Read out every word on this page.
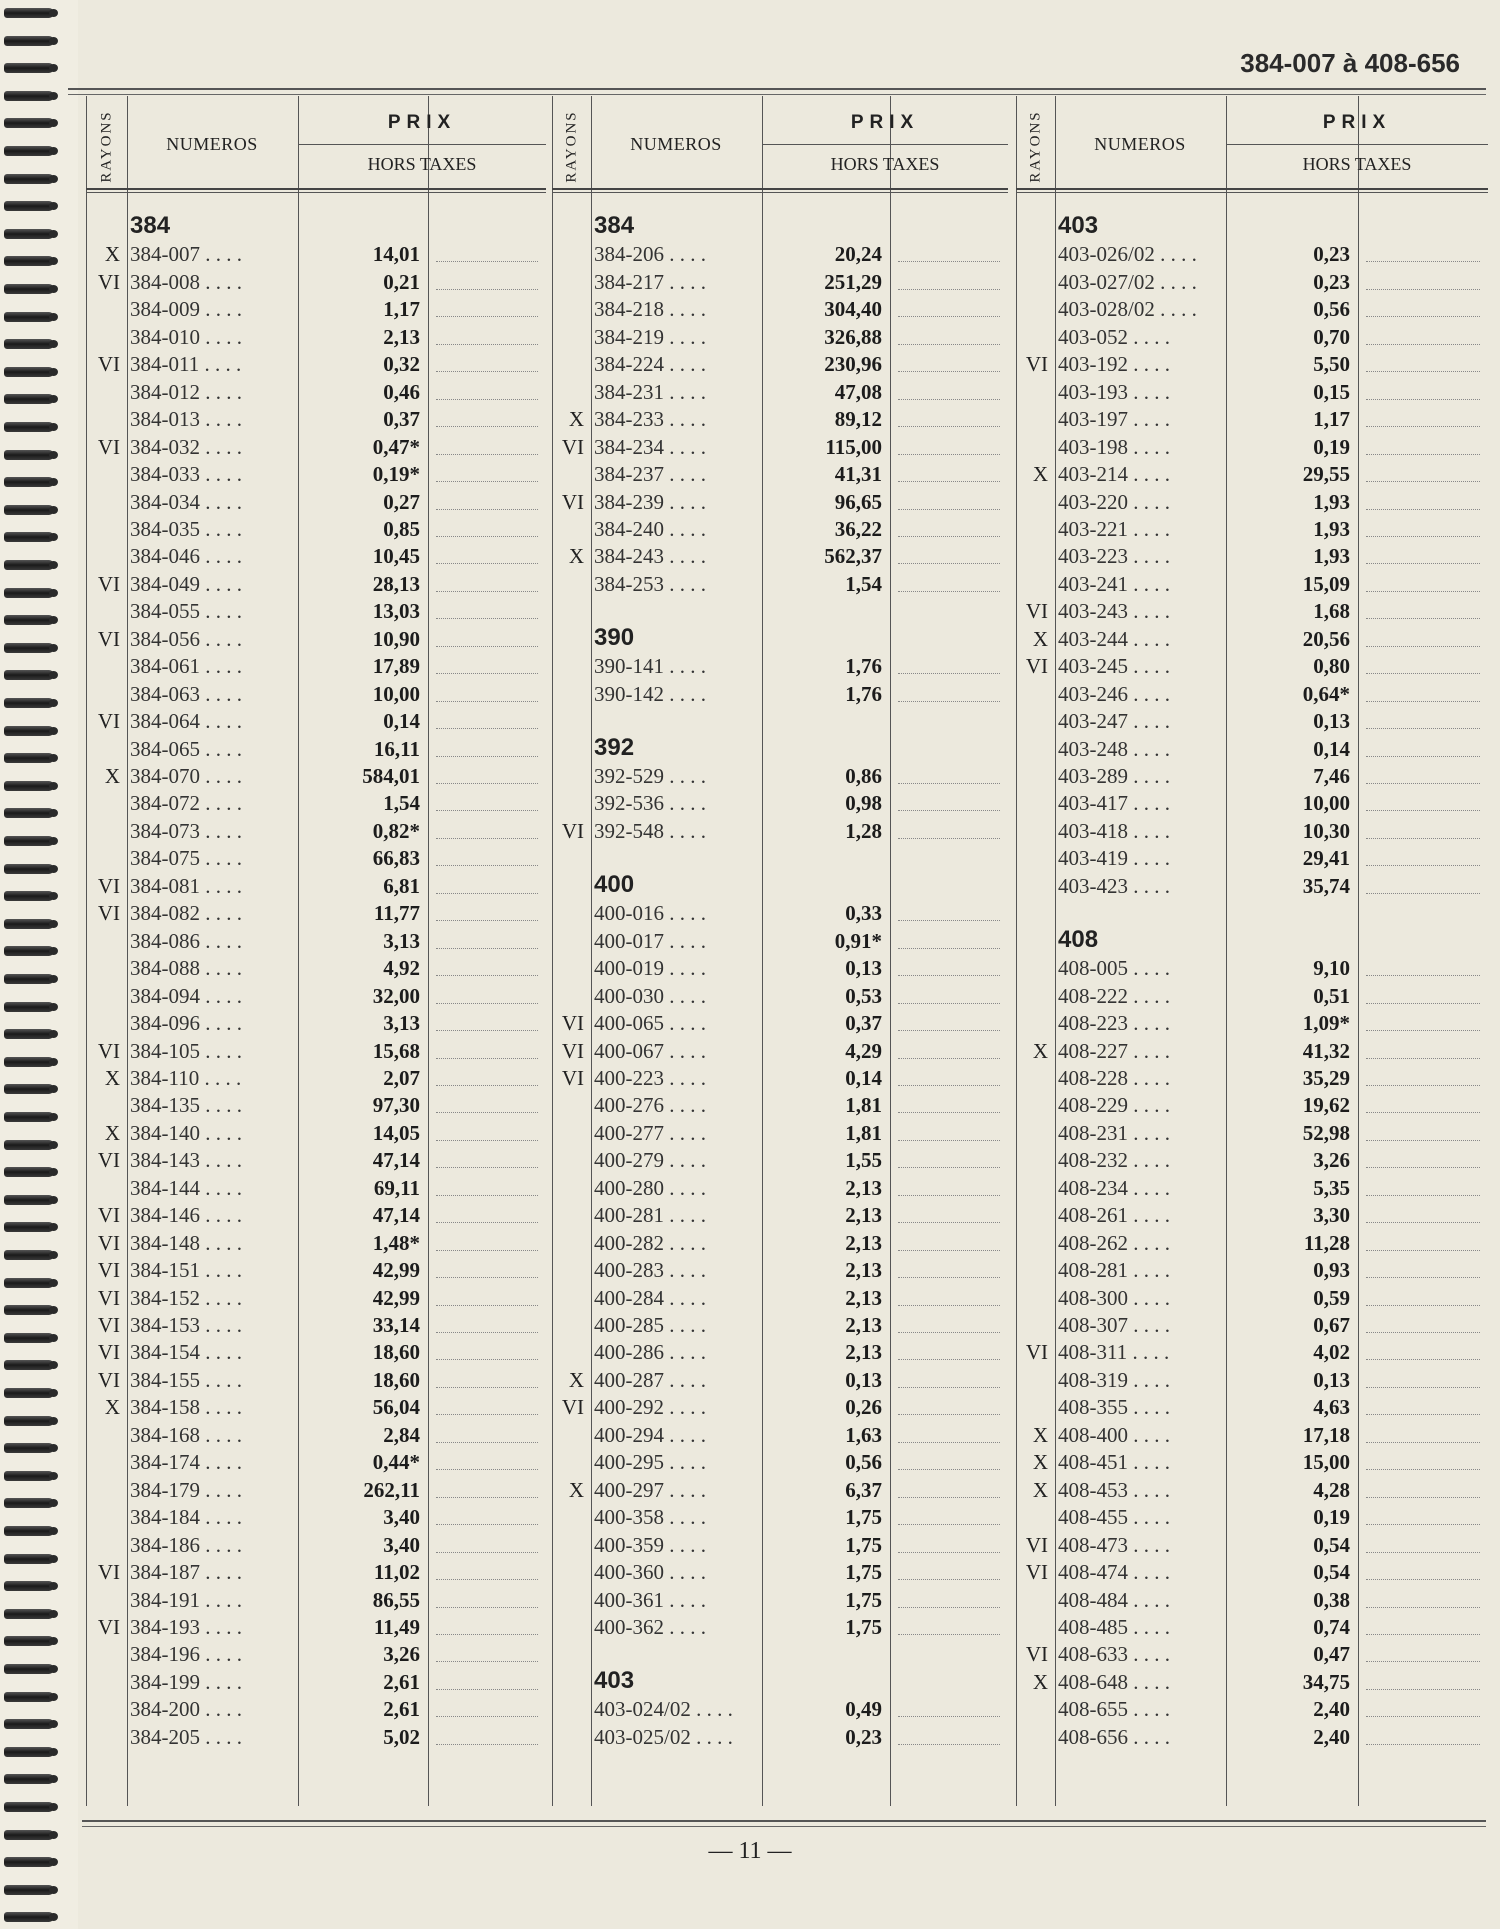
384-007 à 408-656
RAYONS	NUMEROS
PRIX
HORS TAXES
384
X 384-007 . . . .	14,01
VI 384-008 . . . .	0,21
384-009 . . . .	1,17
384-010 . . . .	2,13
VI 384-011 . . . .	0,32
384-012 . . . .	0,46
384-013 . . . .	0,37
VI 384-032 . . . .	0,47*
384-033 . . . .	0,19*
384-034 . . . .	0,27
384-035 . . . .	0,85
384-046 . . . .	10,45
VI 384-049 . . . .	28,13
384-055 . . . .	13,03
VI 384-056 . . . .	10,90
384-061 . . . .	17,89
384-063 . . . .	10,00
VI 384-064 . . . .	0,14
384-065 . . . .	16,11
X 384-070 . . . .	584,01
384-072 . . . .	1,54
384-073 . . . .	0,82*
384-075 . . . .	66,83
VI 384-081 . . . .	6,81
VI 384-082 . . . .	11,77
384-086 . . . .	3,13
384-088 . . . .	4,92
384-094 . . . .	32,00
384-096 . . . .	3,13
VI 384-105 . . . .	15,68
X 384-110 . . . .	2,07
384-135 . . . .	97,30
X 384-140 . . . .	14,05
VI 384-143 . . . .	47,14
384-144 . . . .	69,11
VI 384-146 . . . .	47,14
VI 384-148 . . . .	1,48*
VI 384-151 . . . .	42,99
VI 384-152 . . . .	42,99
VI 384-153 . . . .	33,14
VI 384-154 . . . .	18,60
VI 384-155 . . . .	18,60
X 384-158 . . . .	56,04
384-168 . . . .	2,84
384-174 . . . .	0,44*
384-179 . . . .	262,11
384-184 . . . .	3,40
384-186 . . . .	3,40
VI 384-187 . . . .	11,02
384-191 . . . .	86,55
VI 384-193 . . . .	11,49
384-196 . . . .	3,26
384-199 . . . .	2,61
384-200 . . . .	2,61
384-205 . . . .	5,02
RAYONS	NUMEROS
PRIX
HORS TAXES
384
384-206 . . . .	20,24
384-217 . . . .	251,29
384-218 . . . .	304,40
384-219 . . . .	326,88
384-224 . . . .	230,96
384-231 . . . .	47,08
X 384-233 . . . .	89,12
VI 384-234 . . . .	115,00
384-237 . . . .	41,31
VI 384-239 . . . .	96,65
384-240 . . . .	36,22
X 384-243 . . . .	562,37
384-253 . . . .	1,54
390
390-141 . . . .	1,76
390-142 . . . .	1,76
392
392-529 . . . .	0,86
392-536 . . . .	0,98
VI 392-548 . . . .	1,28
400
400-016 . . . .	0,33
400-017 . . . .	0,91*
400-019 . . . .	0,13
400-030 . . . .	0,53
VI 400-065 . . . .	0,37
VI 400-067 . . . .	4,29
VI 400-223 . . . .	0,14
400-276 . . . .	1,81
400-277 . . . .	1,81
400-279 . . . .	1,55
400-280 . . . .	2,13
400-281 . . . .	2,13
400-282 . . . .	2,13
400-283 . . . .	2,13
400-284 . . . .	2,13
400-285 . . . .	2,13
400-286 . . . .	2,13
X 400-287 . . . .	0,13
VI 400-292 . . . .	0,26
400-294 . . . .	1,63
400-295 . . . .	0,56
X 400-297 . . . .	6,37
400-358 . . . .	1,75
400-359 . . . .	1,75
400-360 . . . .	1,75
400-361 . . . .	1,75
400-362 . . . .	1,75
403
403-024/02 . . . .	0,49
403-025/02 . . . .	0,23
RAYONS	NUMEROS
PRIX
HORS TAXES
403
403-026/02 . . . .	0,23
403-027/02 . . . .	0,23
403-028/02 . . . .	0,56
403-052 . . . .	0,70
VI 403-192 . . . .	5,50
403-193 . . . .	0,15
403-197 . . . .	1,17
403-198 . . . .	0,19
X 403-214 . . . .	29,55
403-220 . . . .	1,93
403-221 . . . .	1,93
403-223 . . . .	1,93
403-241 . . . .	15,09
VI 403-243 . . . .	1,68
X 403-244 . . . .	20,56
VI 403-245 . . . .	0,80
403-246 . . . .	0,64*
403-247 . . . .	0,13
403-248 . . . .	0,14
403-289 . . . .	7,46
403-417 . . . .	10,00
403-418 . . . .	10,30
403-419 . . . .	29,41
403-423 . . . .	35,74
408
408-005 . . . .	9,10
408-222 . . . .	0,51
408-223 . . . .	1,09*
X 408-227 . . . .	41,32
408-228 . . . .	35,29
408-229 . . . .	19,62
408-231 . . . .	52,98
408-232 . . . .	3,26
408-234 . . . .	5,35
408-261 . . . .	3,30
408-262 . . . .	11,28
408-281 . . . .	0,93
408-300 . . . .	0,59
408-307 . . . .	0,67
VI 408-311 . . . .	4,02
408-319 . . . .	0,13
408-355 . . . .	4,63
X 408-400 . . . .	17,18
X 408-451 . . . .	15,00
X 408-453 . . . .	4,28
408-455 . . . .	0,19
VI 408-473 . . . .	0,54
VI 408-474 . . . .	0,54
408-484 . . . .	0,38
408-485 . . . .	0,74
VI 408-633 . . . .	0,47
X 408-648 . . . .	34,75
408-655 . . . .	2,40
408-656 . . . .	2,40
— 11 —
